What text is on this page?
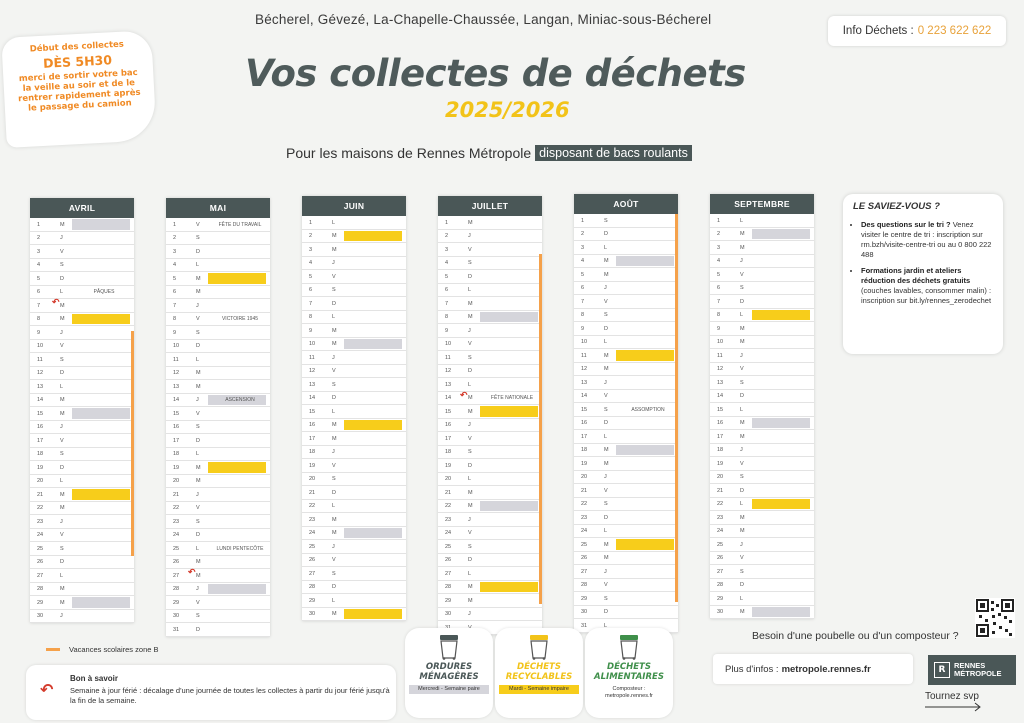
Bécherel, Gévezé, La-Chapelle-Chaussée, Langan, Miniac-sous-Bécherel
Info Déchets : 0 223 622 622
Début des collectes
DÈS 5H30
merci de sortir votre bac la veille au soir et de le rentrer rapidement après le passage du camion
Vos collectes de déchets
2025/2026
Pour les maisons de Rennes Métropole disposant de bacs roulants
AVRIL
1	M
2	J
3	V
4	S
5	D
6	L	PÂQUES
7	M
↶
8	M
9	J
10	V
11	S
12	D
13	L
14	M
15	M
16	J
17	V
18	S
19	D
20	L
21	M
22	M
23	J
24	V
25	S
26	D
27	L
28	M
29	M
30	J
MAI
1	V	FÊTE DU TRAVAIL
2	S
3	D
4	L
5	M
6	M
7	J
8	V	VICTOIRE 1945
9	S
10	D
11	L
12	M
13	M
14	J	ASCENSION
15	V
16	S
17	D
18	L
19	M
20	M
21	J
22	V
23	S
24	D
25	L	LUNDI PENTECÔTE
26	M
27	M
↶
28	J
29	V
30	S
31	D
JUIN
1	L
2	M
3	M
4	J
5	V
6	S
7	D
8	L
9	M
10	M
11	J
12	V
13	S
14	D
15	L
16	M
17	M
18	J
19	V
20	S
21	D
22	L
23	M
24	M
25	J
26	V
27	S
28	D
29	L
30	M
JUILLET
1	M
2	J
3	V
4	S
5	D
6	L
7	M
8	M
9	J
10	V
11	S
12	D
13	L
14	M	FÊTE NATIONALE
↶
15	M
16	J
17	V
18	S
19	D
20	L
21	M
22	M
23	J
24	V
25	S
26	D
27	L
28	M
29	M
30	J
AOÛT
1	S
2	D
3	L
4	M
5	M
6	J
7	V
8	S
9	D
10	L
11	M
12	M
13	J
14	V
15	S	ASSOMPTION
16	D
17	L
18	M
19	M
20	J
21	V
22	S
23	D
24	L
25	M
26	M
27	J
28	V
29	S
30	D
31	L
SEPTEMBRE
1	L
2	M
3	M
4	J
5	V
6	S
7	D
8	L
9	M
10	M
11	J
12	V
13	S
14	D
15	L
16	M
17	M
18	J
19	V
20	S
21	D
22	L
23	M
24	M
25	J
26	V
27	S
28	D
29	L
30	M
LE SAVIEZ-VOUS ?
• Des questions sur le tri ? Venez visiter le centre de tri : inscription sur rm.bzh/visite-centre-tri ou au 0 800 222 488
• Formations jardin et ateliers réduction des déchets gratuits (couches lavables, consommer malin) : inscription sur bit.ly/rennes_zerodechet
Vacances scolaires zone B
↶
Bon à savoir
Semaine à jour férié : décalage d'une journée de toutes les collectes à partir du jour férié jusqu'à la fin de la semaine.
ORDURES MÉNAGÈRES
Mercredi - Semaine paire
DÉCHETS RECYCLABLES
Mardi - Semaine impaire
DÉCHETS ALIMENTAIRES
Composteur : metropole.rennes.fr
Besoin d'une poubelle ou d'un composteur ?
Plus d'infos : metropole.rennes.fr	R	RENNES
MÉTROPOLE
Tournez svp
